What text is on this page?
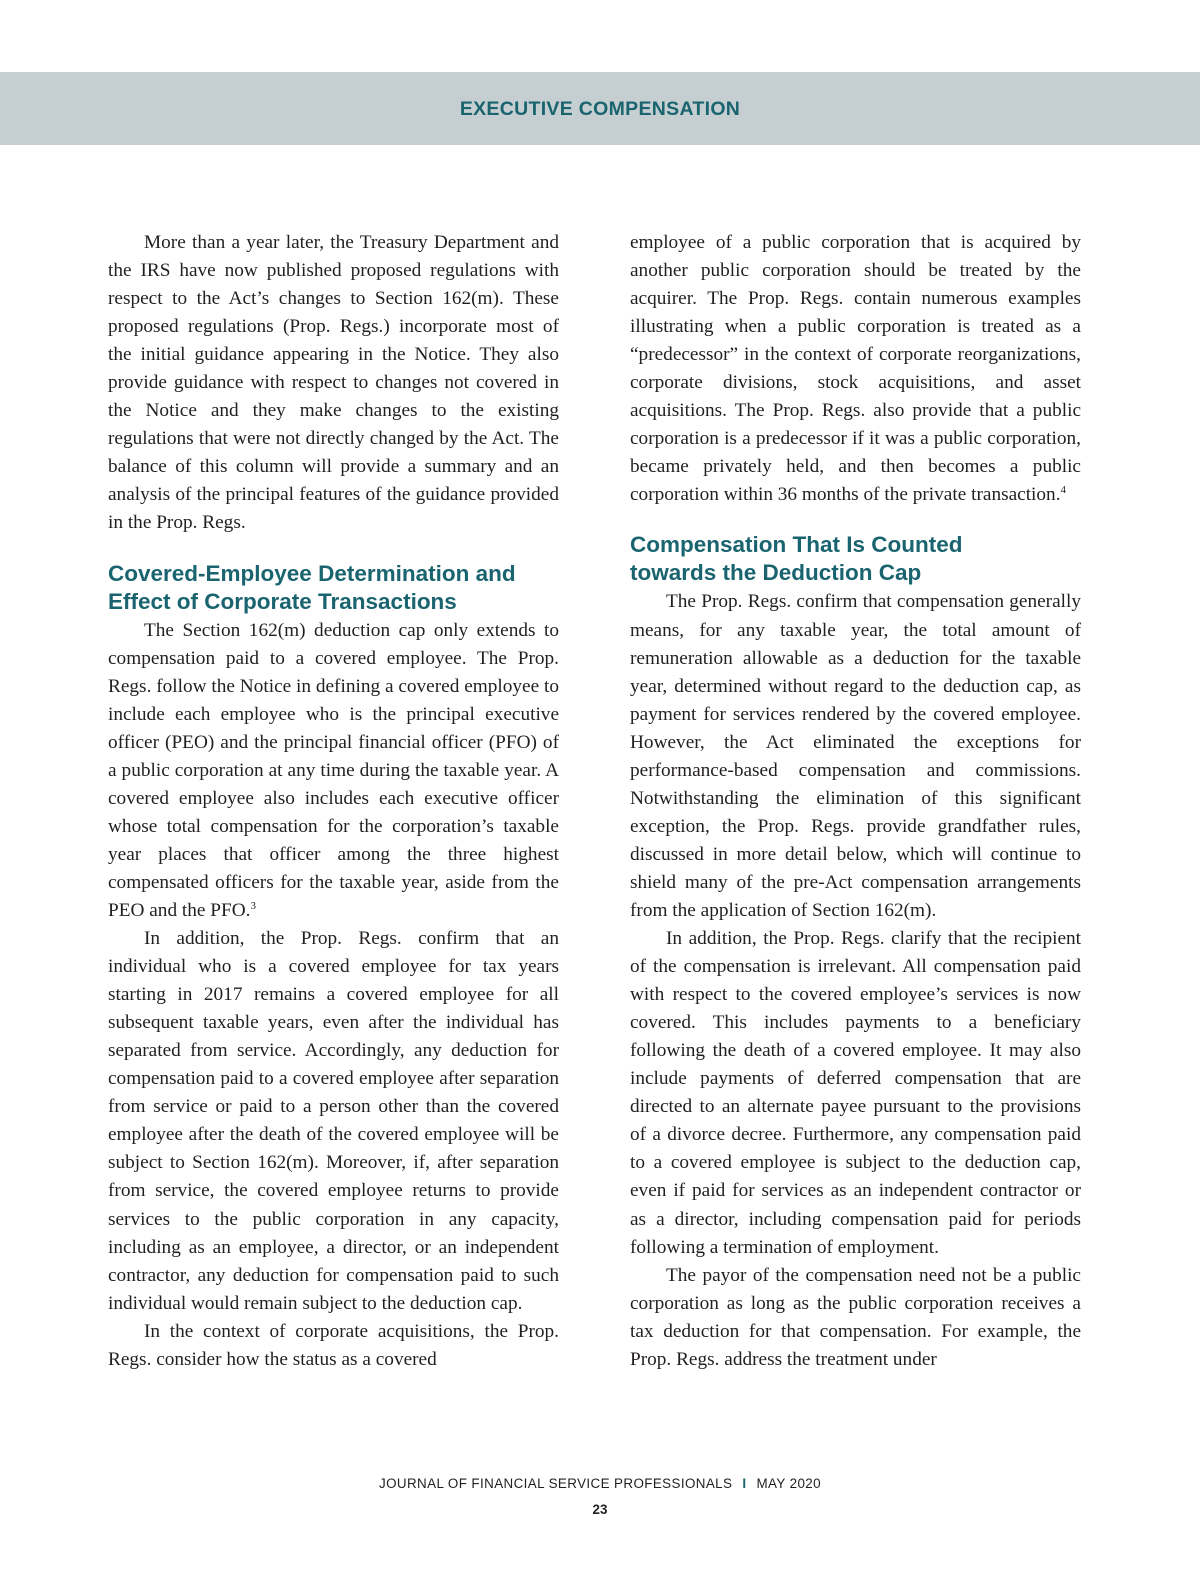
EXECUTIVE COMPENSATION

More than a year later, the Treasury Department and the IRS have now published proposed regulations with respect to the Act’s changes to Section 162(m). These proposed regulations (Prop. Regs.) incorporate most of the initial guidance appearing in the Notice. They also provide guidance with respect to changes not covered in the Notice and they make changes to the existing regulations that were not directly changed by the Act. The balance of this column will provide a summary and an analysis of the principal features of the guidance provided in the Prop. Regs.

Covered-Employee Determination and
Effect of Corporate Transactions

The Section 162(m) deduction cap only extends to compensation paid to a covered employee. The Prop. Regs. follow the Notice in defining a covered employee to include each employee who is the principal executive officer (PEO) and the principal financial officer (PFO) of a public corporation at any time during the taxable year. A covered employee also includes each executive officer whose total compensation for the corporation’s taxable year places that officer among the three highest compensated officers for the taxable year, aside from the PEO and the PFO.$^3$

In addition, the Prop. Regs. confirm that an individual who is a covered employee for tax years starting in 2017 remains a covered employee for all subsequent taxable years, even after the individual has separated from service. Accordingly, any deduction for compensation paid to a covered employee after separation from service or paid to a person other than the covered employee after the death of the covered employee will be subject to Section 162(m). Moreover, if, after separation from service, the covered employee returns to provide services to the public corporation in any capacity, including as an employee, a director, or an independent contractor, any deduction for compensation paid to such individual would remain subject to the deduction cap.

In the context of corporate acquisitions, the Prop. Regs. consider how the status as a covered

employee of a public corporation that is acquired by another public corporation should be treated by the acquirer. The Prop. Regs. contain numerous examples illustrating when a public corporation is treated as a “predecessor” in the context of corporate reorganizations, corporate divisions, stock acquisitions, and asset acquisitions. The Prop. Regs. also provide that a public corporation is a predecessor if it was a public corporation, became privately held, and then becomes a public corporation within 36 months of the private transaction.$^4$

Compensation That Is Counted
towards the Deduction Cap

The Prop. Regs. confirm that compensation generally means, for any taxable year, the total amount of remuneration allowable as a deduction for the taxable year, determined without regard to the deduction cap, as payment for services rendered by the covered employee. However, the Act eliminated the exceptions for performance-based compensation and commissions. Notwithstanding the elimination of this significant exception, the Prop. Regs. provide grandfather rules, discussed in more detail below, which will continue to shield many of the pre-Act compensation arrangements from the application of Section 162(m).

In addition, the Prop. Regs. clarify that the recipient of the compensation is irrelevant. All compensation paid with respect to the covered employee’s services is now covered. This includes payments to a beneficiary following the death of a covered employee. It may also include payments of deferred compensation that are directed to an alternate payee pursuant to the provisions of a divorce decree. Furthermore, any compensation paid to a covered employee is subject to the deduction cap, even if paid for services as an independent contractor or as a director, including compensation paid for periods following a termination of employment.

The payor of the compensation need not be a public corporation as long as the public corporation receives a tax deduction for that compensation. For example, the Prop. Regs. address the treatment under

JOURNAL OF FINANCIAL SERVICE PROFESSIONALS I MAY 2020
23
